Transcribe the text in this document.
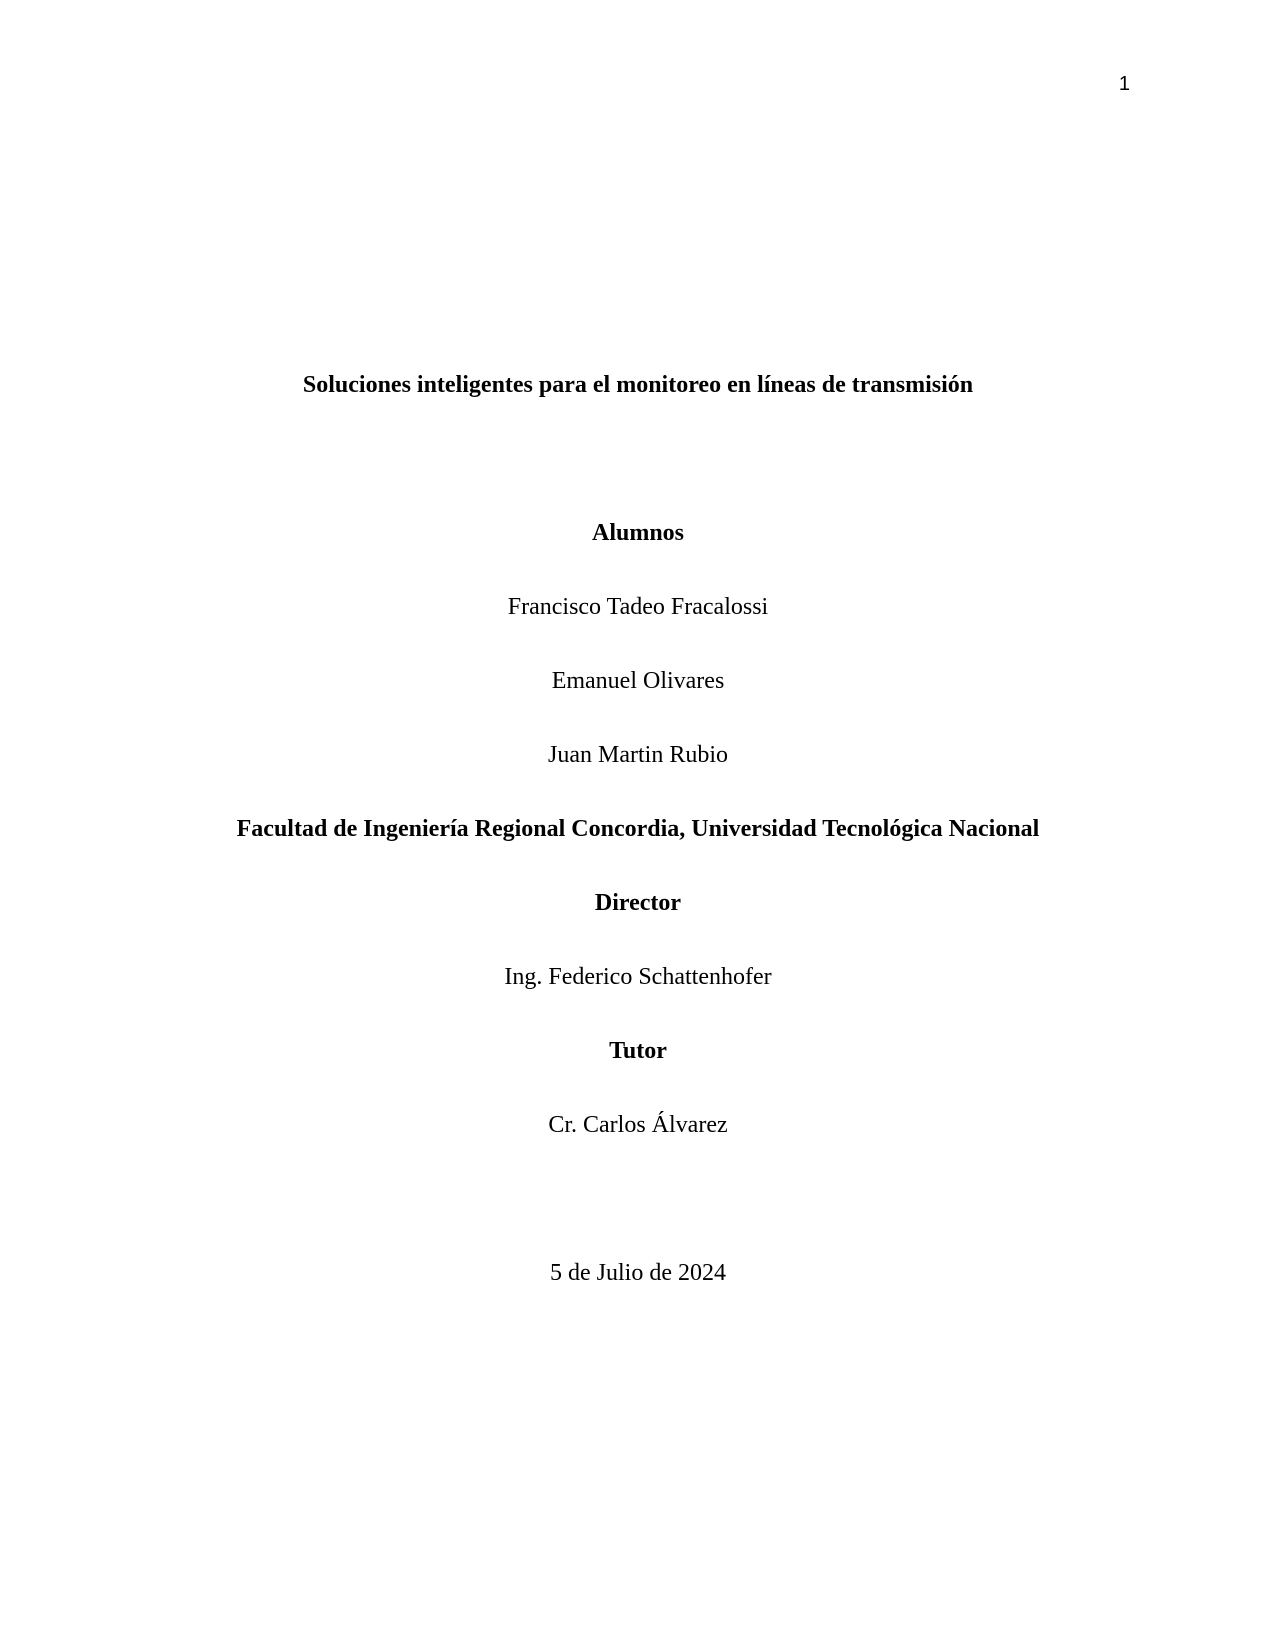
1
Soluciones inteligentes para el monitoreo en líneas de transmisión
Alumnos
Francisco Tadeo Fracalossi
Emanuel Olivares
Juan Martin Rubio
Facultad de Ingeniería Regional Concordia, Universidad Tecnológica Nacional
Director
Ing. Federico Schattenhofer
Tutor
Cr. Carlos Álvarez
5 de Julio de 2024
